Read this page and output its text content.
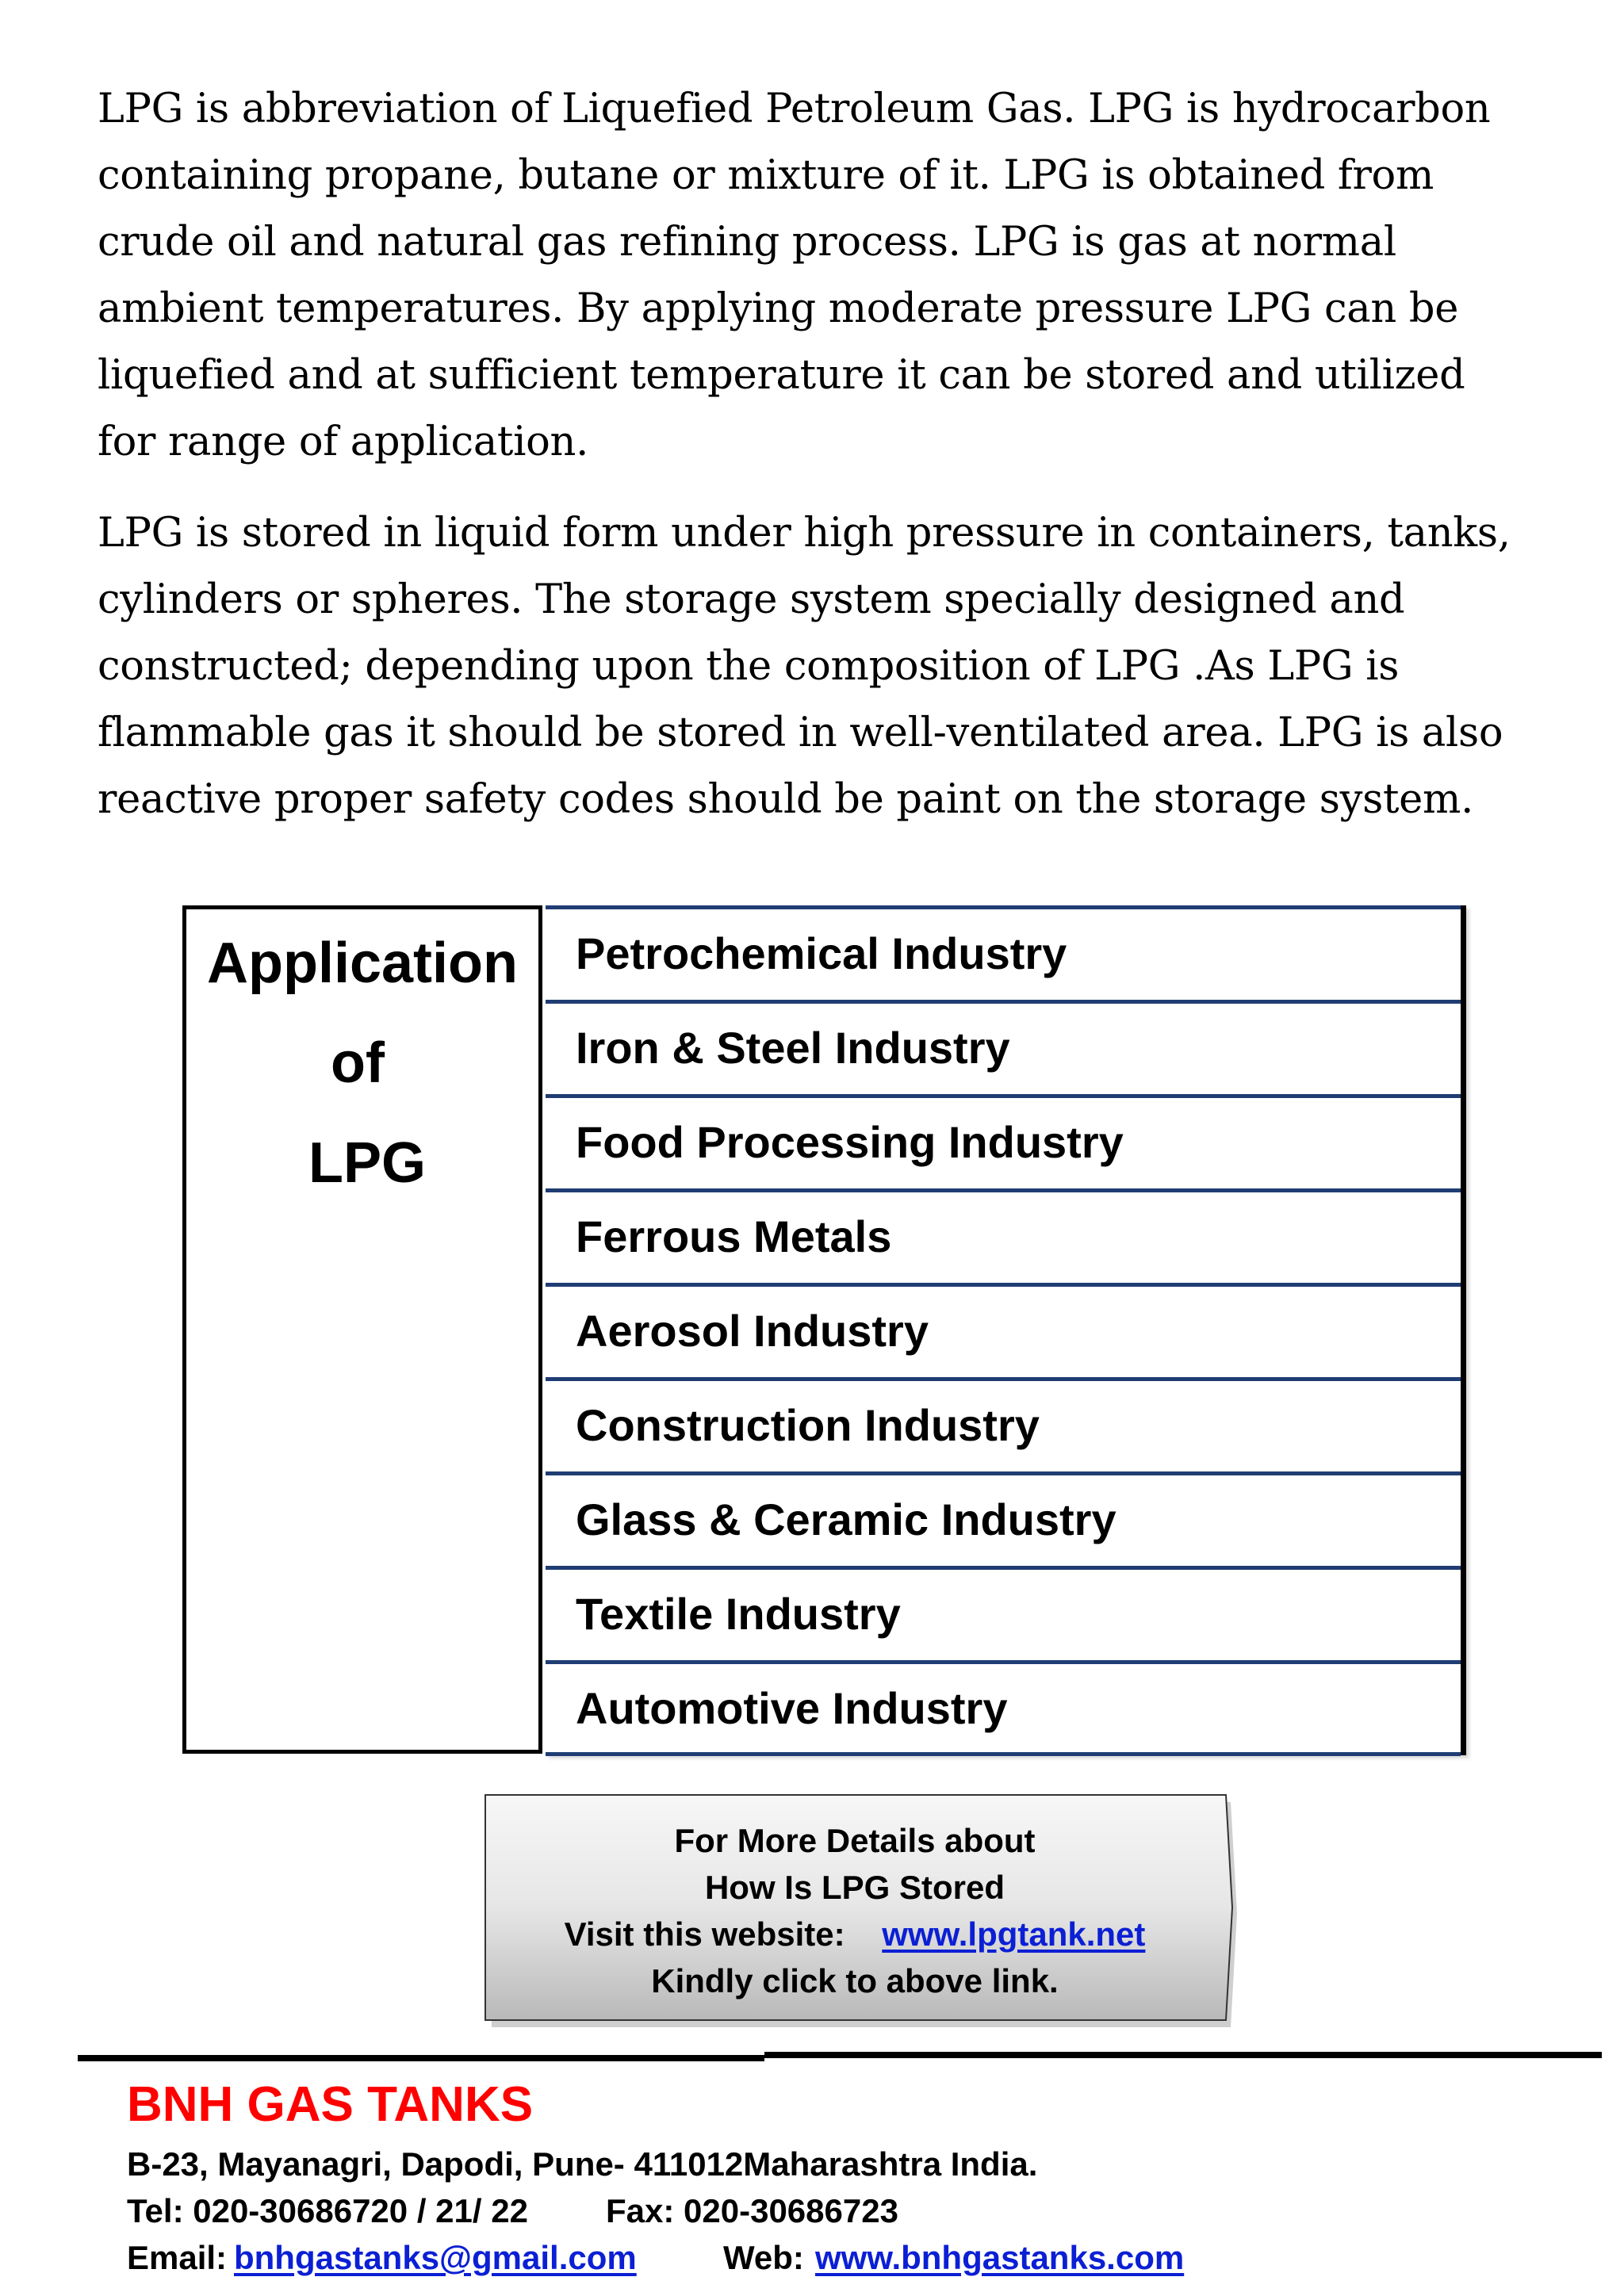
LPG is abbreviation of Liquefied Petroleum Gas. LPG is hydrocarbon
containing propane, butane or mixture of it. LPG is obtained from
crude oil and natural gas refining process. LPG is gas at normal
ambient temperatures. By applying moderate pressure LPG can be
liquefied and at sufficient temperature it can be stored and utilized
for range of application.
LPG is stored in liquid form under high pressure in containers, tanks,
cylinders or spheres. The storage system specially designed and
constructed; depending upon the composition of LPG .As LPG is
flammable gas it should be stored in well-ventilated area. LPG is also
reactive proper safety codes should be paint on the storage system.
Application
of
LPG
Petrochemical Industry
Iron & Steel Industry
Food Processing Industry
Ferrous Metals
Aerosol Industry
Construction Industry
Glass & Ceramic Industry
Textile Industry
Automotive Industry
For More Details about
How Is LPG Stored
Visit this website: www.lpgtank.net
Kindly click to above link.
BNH GAS TANKS
B-23, Mayanagri, Dapodi, Pune- 411012Maharashtra India.
Tel: 020-30686720 / 21/ 22 Fax: 020-30686723
Email: bnhgastanks@gmail.com	Web: www.bnhgastanks.com
